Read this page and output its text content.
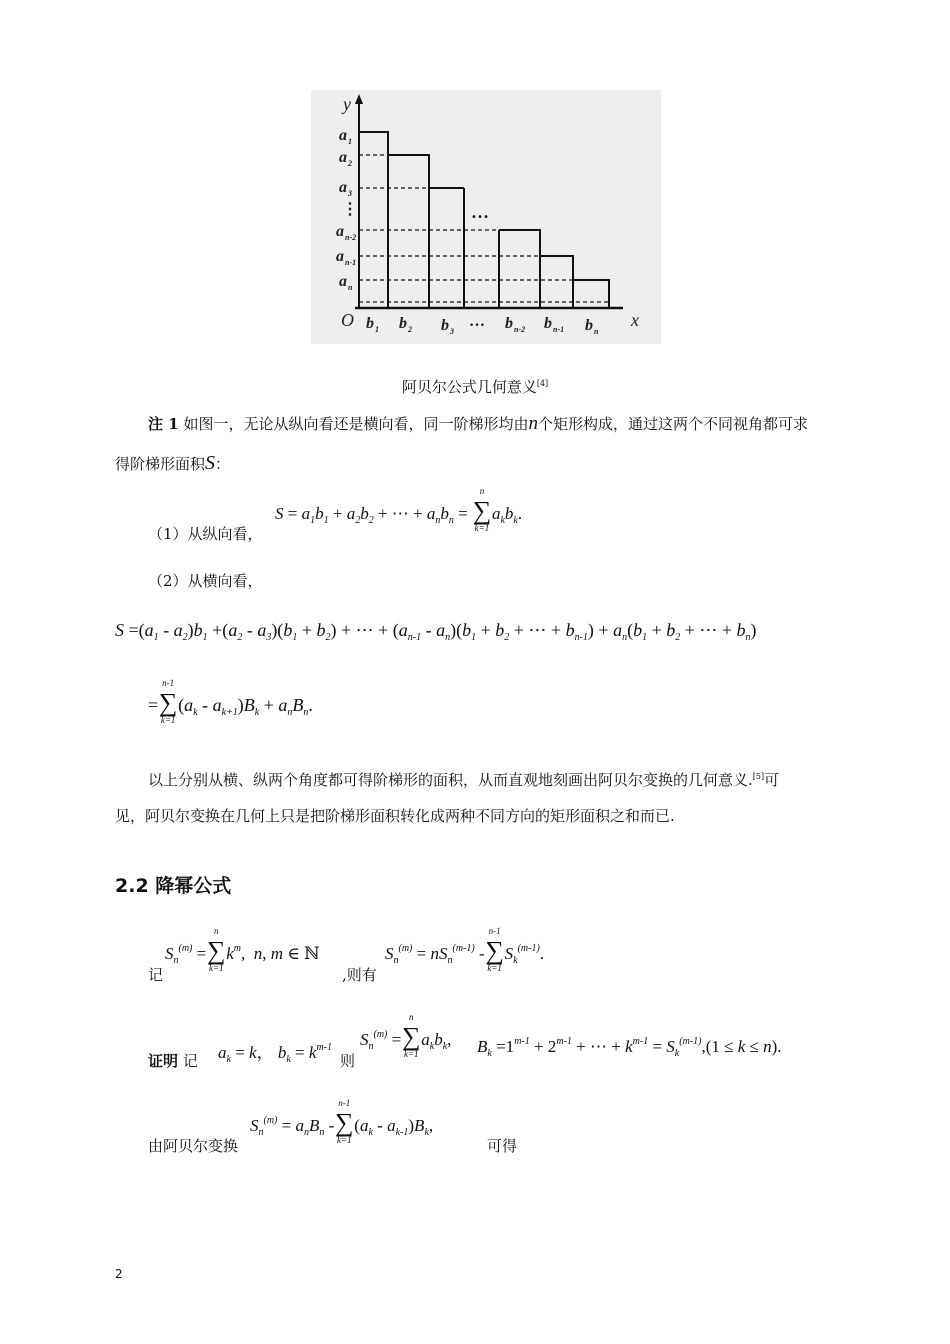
y
x
O
a 1
a 2
a 3
⋮
a n-2
a n-1
a n
b 1 b 2 b 3
… b n-2 b n-1 b n
…
阿贝尔公式几何意义[4]
注 1 如图一，无论从纵向看还是横向看，同一阶梯形均由n个矩形构成，通过这两个不同视角都可求
得阶梯形面积S：
（1）从纵向看，
$S = a_1b_1 + a_2b_2$ + ⋯ + $a_nb_n$ =
n
∑
k=1
$a_kb_k$.
（2）从横向看，
$S =(a_1 - a_2)b_1 +(a_2 - a_3)(b_1 + b_2)$ + ⋯ + $(a_{n-1} - a_n)(b_1 + b_2$ + ⋯ + $b_{n-1}) + a_n(b_1 + b_2$ + ⋯ + $b_n$)
=
n-1
∑
k=1
$(a_k - a_{k+1})B_k + a_nB_n$.
以上分别从横、纵两个角度都可得阶梯形的面积，从而直观地刻画出阿贝尔变换的几何意义.[5]可
见，阿贝尔变换在几何上只是把阶梯形面积转化成两种不同方向的矩形面积之和而已.
2.2 降幂公式
记
$S_n^{(m)}$ =
n
∑
k=1
$k^m$,  n, m ∈ ℕ
,则有
$S_n^{(m)} = nS_n^{(m-1)}$ -
n-1
∑
k=1
$S_k^{(m-1)}$.
证明 记 $a_k = k$， $b_k = k^{m-1}$
则
$S_n^{(m)}$ =
n
∑
k=1
$a_kb_k$, $B_k =1^{m-1} + 2^{m-1}$ + ⋯ + $k^{m-1} = S_k^{(m-1)},(1 \le k \le n)$.
由阿贝尔变换
$S_n^{(m)} = a_nB_n$ -
n-1
∑
k=1
$(a_k - a_{k-1})B_k$,
可得
2
